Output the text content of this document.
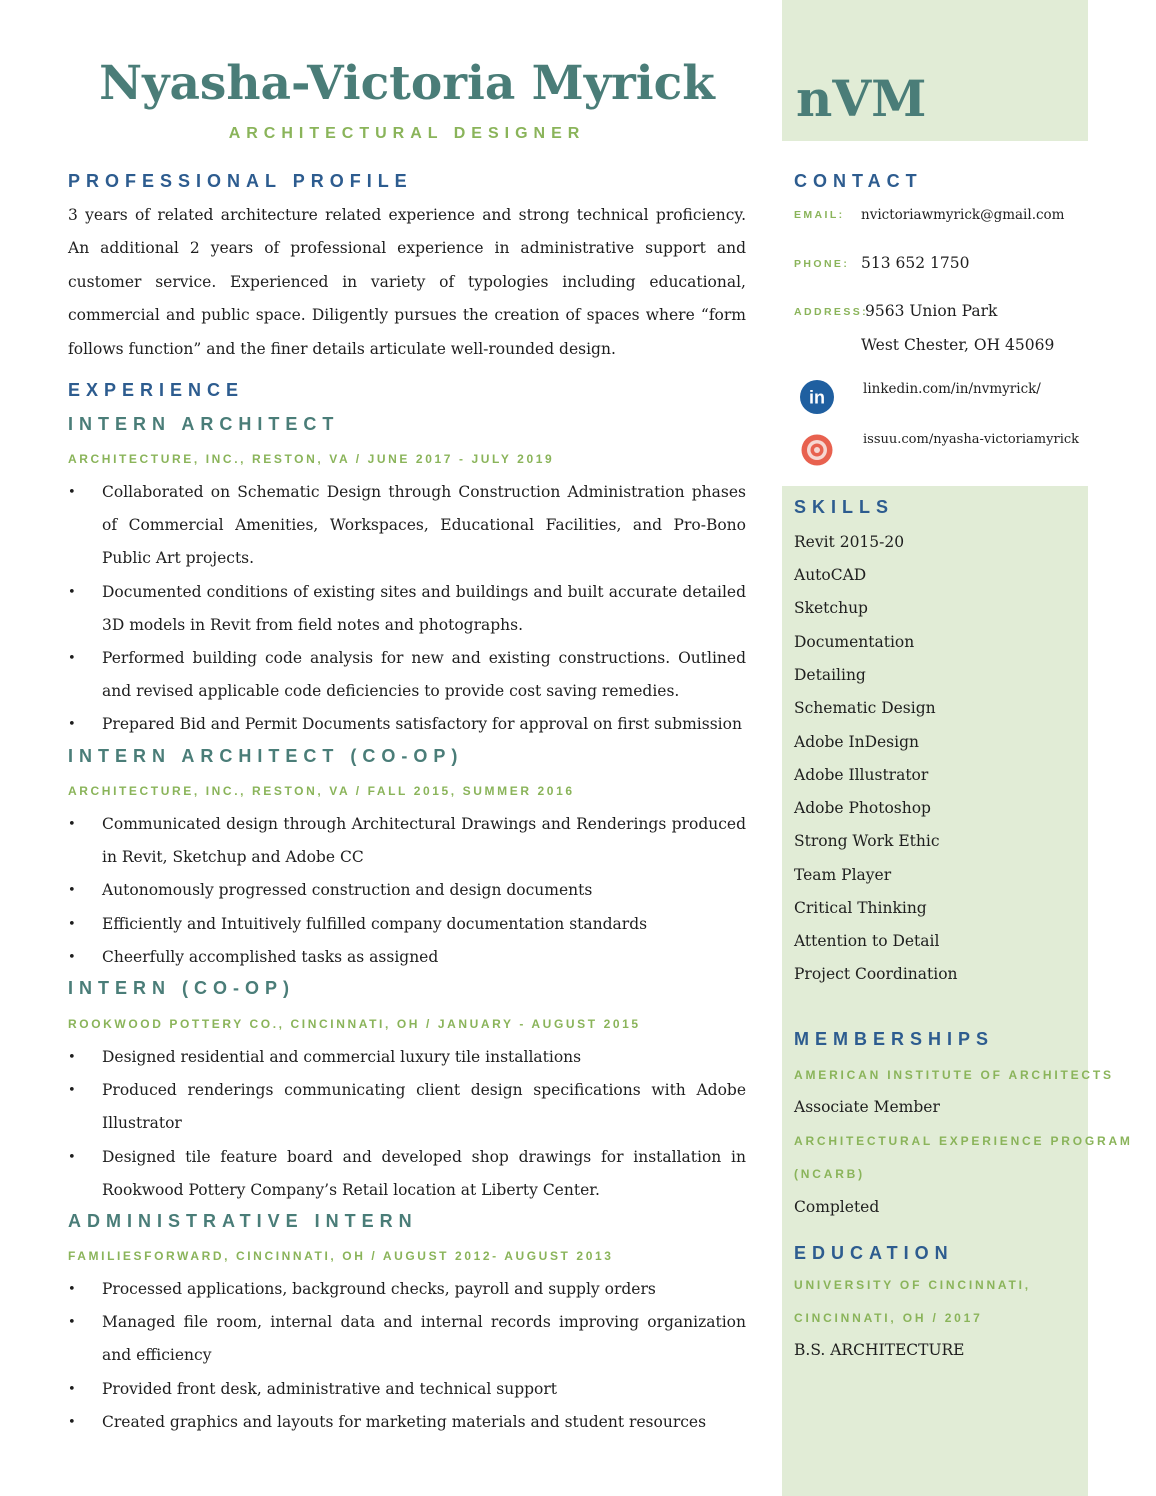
nVM
Nyasha-Victoria Myrick
ARCHITECTURAL DESIGNER
PROFESSIONAL PROFILE

3 years of related architecture related experience and strong technical proficiency. An additional 2 years of professional experience in administrative support and customer service. Experienced in variety of typologies including educational, commercial and public space. Diligently pursues the creation of spaces where “form follows function” and the finer details articulate well-rounded design.

EXPERIENCE
INTERN ARCHITECT
ARCHITECTURE, INC., RESTON, VA / JUNE 2017 - JULY 2019
• Collaborated on Schematic Design through Construction Administration phases of Commercial Amenities, Workspaces, Educational Facilities, and Pro-Bono Public Art projects.
• Documented conditions of existing sites and buildings and built accurate detailed 3D models in Revit from field notes and photographs.
• Performed building code analysis for new and existing constructions. Outlined and revised applicable code deficiencies to provide cost saving remedies.
• Prepared Bid and Permit Documents satisfactory for approval on first submission
INTERN ARCHITECT (CO-OP)
ARCHITECTURE, INC., RESTON, VA / FALL 2015, SUMMER 2016
• Communicated design through Architectural Drawings and Renderings produced in Revit, Sketchup and Adobe CC
• Autonomously progressed construction and design documents
• Efficiently and Intuitively fulfilled company documentation standards
• Cheerfully accomplished tasks as assigned
INTERN (CO-OP)
ROOKWOOD POTTERY CO., CINCINNATI, OH / JANUARY - AUGUST 2015
• Designed residential and commercial luxury tile installations
• Produced renderings communicating client design specifications with Adobe Illustrator
• Designed tile feature board and developed shop drawings for installation in Rookwood Pottery Company’s Retail location at Liberty Center.
ADMINISTRATIVE INTERN
FAMILIESFORWARD, CINCINNATI, OH / AUGUST 2012- AUGUST 2013
• Processed applications, background checks, payroll and supply orders
• Managed file room, internal data and internal records improving organization and efficiency
• Provided front desk, administrative and technical support
• Created graphics and layouts for marketing materials and student resources
CONTACT
EMAIL: nvictoriawmyrick@gmail.com
PHONE: 513 652 1750
ADDRESS:
9563 Union Park
West Chester, OH 45069
in	linkedin.com/in/nvmyrick/
issuu.com/nyasha-victoriamyrick
SKILLS
Revit 2015-20
AutoCAD
Sketchup
Documentation
Detailing
Schematic Design
Adobe InDesign
Adobe Illustrator
Adobe Photoshop
Strong Work Ethic
Team Player
Critical Thinking
Attention to Detail
Project Coordination
MEMBERSHIPS
AMERICAN INSTITUTE OF ARCHITECTS
Associate Member
ARCHITECTURAL EXPERIENCE PROGRAM
(NCARB)
Completed
EDUCATION
UNIVERSITY OF CINCINNATI,
CINCINNATI, OH / 2017
B.S. ARCHITECTURE
